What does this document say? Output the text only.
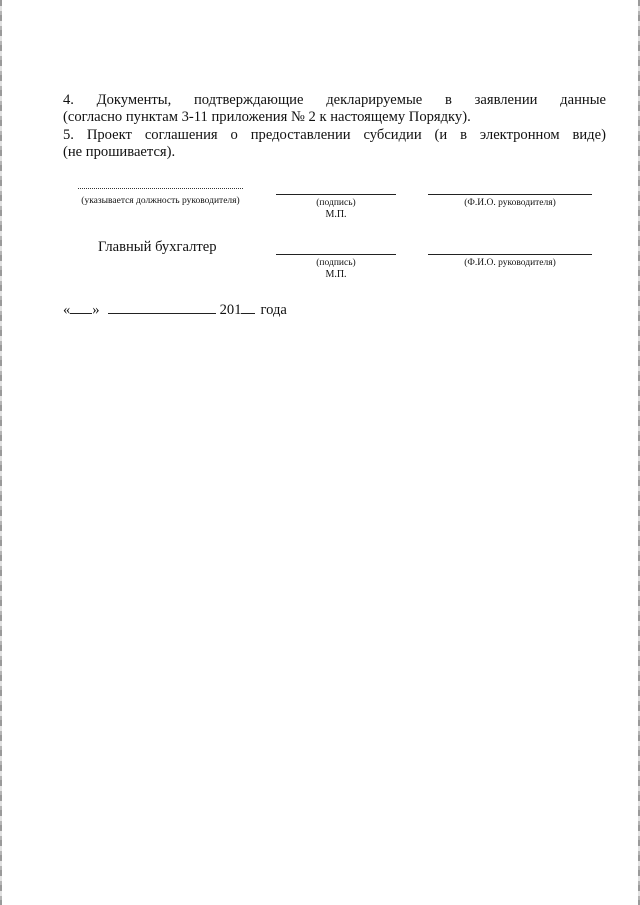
4. Документы, подтверждающие декларируемые в заявлении данные
(согласно пунктам 3-11 приложения № 2 к настоящему Порядку).
5. Проект соглашения о предоставлении субсидии (и в электронном виде)
(не прошивается).
(указывается должность руководителя)	(подпись)
М.П.
(Ф.И.О. руководителя)
Главный бухгалтер
(подпись)
М.П.
(Ф.И.О. руководителя)
« »	201 года
